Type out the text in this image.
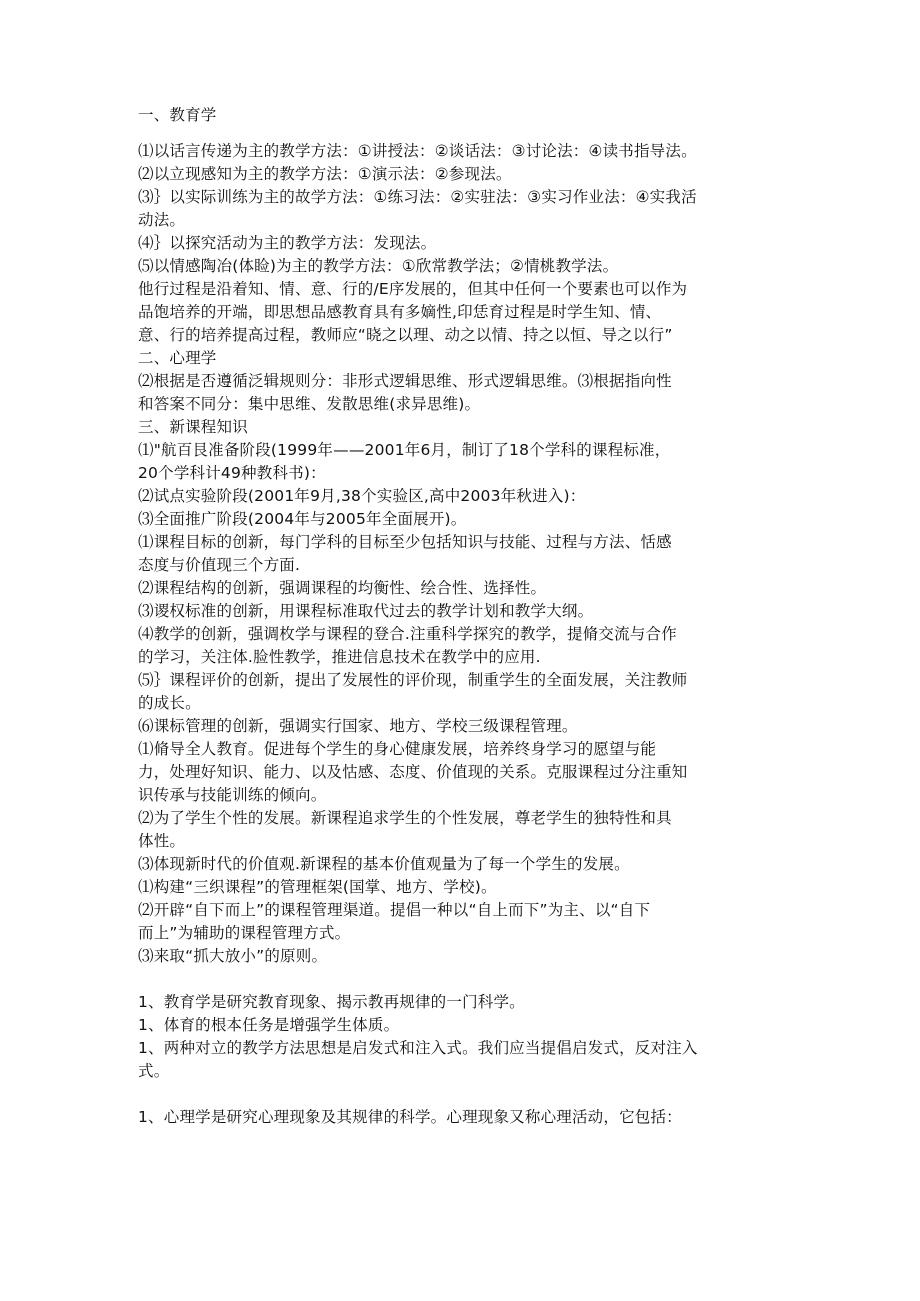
一、教育学
⑴以话言传递为主的教学方法：①讲授法：②谈话法：③讨论法：④读书指导法。
⑵以立现感知为主的教学方法：①演示法：②参现法。
⑶｝以实际训练为主的故学方法：①练习法：②实驻法：③实习作业法：④实我活
动法。
⑷｝以探究活动为主的教学方法：发现法。
⑸以情感陶冶(体睑)为主的教学方法：①欣常教学法；②情桃教学法。
他行过程是沿着知、情、意、行的/E序发展的，但其中任何一个要素也可以作为
品饱培养的开端，即思想品感教育具有多嫡性,印恁育过程是时学生知、情、
意、行的培养提高过程，教师应“晓之以理、动之以情、持之以恒、导之以行”
二、心理学
⑵根据是否遵循泛辑规则分：非形式逻辑思维、形式逻辑思维。⑶根据指向性
和答案不同分：集中思维、发散思维(求异思维)。
三、新课程知识
⑴"航百艮准备阶段(1999年——2001年6月，制订了18个学科的课程标准，
20个学科计49种教科书)：
⑵试点实验阶段(2001年9月,38个实验区,高中2003年秋进入)：
⑶全面推广阶段(2004年与2005年全面展开)。
⑴课程目标的创新，每门学科的目标至少包括知识与技能、过程与方法、恬感
态度与价值现三个方面.
⑵课程结构的创新，强调课程的均衡性、绘合性、选择性。
⑶谡权标准的创新，用课程标准取代过去的教学计划和教学大纲。
⑷教学的创新，强调枚学与课程的登合.注重科学探究的教学，提脩交流与合作
的学习，关注体.脸性教学，推进信息技术在教学中的应用.
⑸｝课程评价的创新，提出了发展性的评价现，制重学生的全面发展，关注教师
的成长。
⑹课标管理的创新，强调实行国家、地方、学校三级课程管理。
⑴脩导全人教育。促进每个学生的身心健康发展，培养终身学习的愿望与能
力，处理好知识、能力、以及怙感、态度、价值现的关系。克服课程过分注重知
识传承与技能训练的倾向。
⑵为了学生个性的发展。新课程追求学生的个性发展，尊老学生的独特性和具
体性。
⑶体现新时代的价值观.新课程的基本价值观量为了每一个学生的发展。
⑴构建“三织课程”的管理框架(国掌、地方、学校)。
⑵开辟“自下而上”的课程管理渠道。提倡一种以“自上而下”为主、以“自下
而上”为辅助的课程管理方式。
⑶来取“抓大放小”的原则。
1、教育学是研究教育现象、揭示教再规律的一门科学。
1、体育的根本任务是增强学生体质。
1、两种对立的教学方法思想是启发式和注入式。我们应当提倡启发式，反对注入
式。
1、心理学是研究心理现象及其规律的科学。心理现象又称心理活动，它包括：
